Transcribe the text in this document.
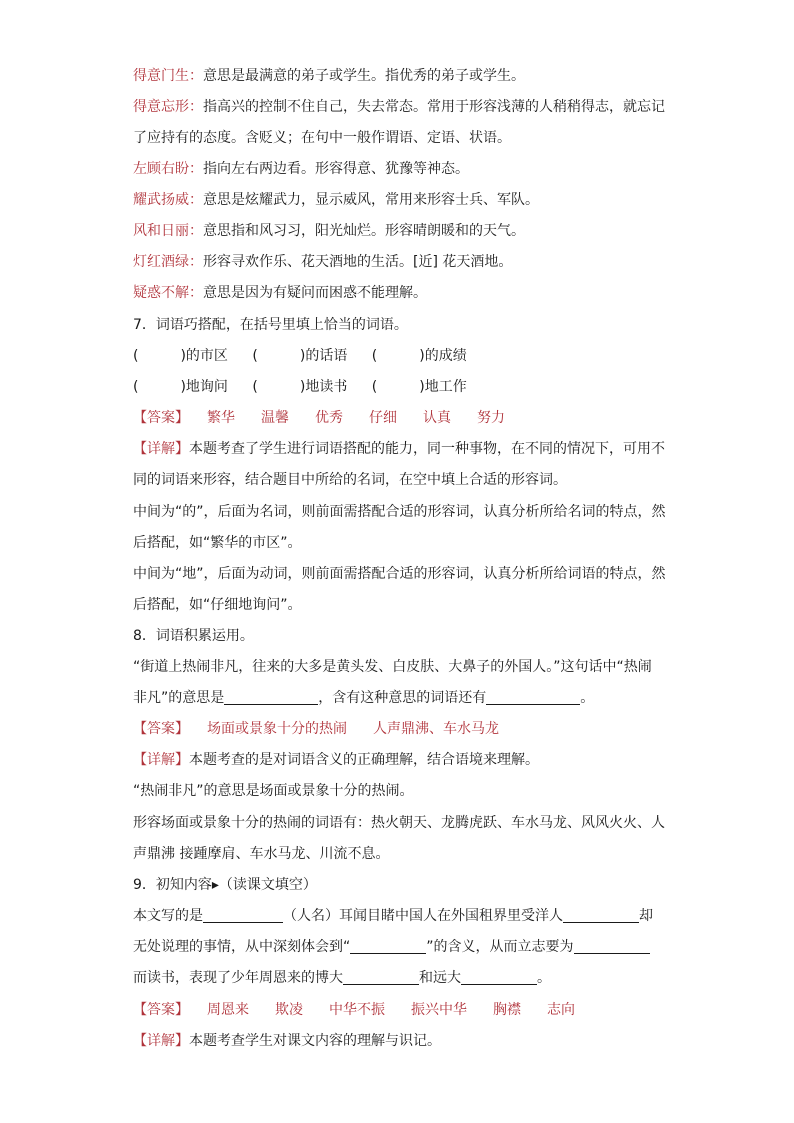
得意门生：意思是最满意的弟子或学生。指优秀的弟子或学生。
得意忘形：指高兴的控制不住自己，失去常态。常用于形容浅薄的人稍稍得志，就忘记
了应持有的态度。含贬义；在句中一般作谓语、定语、状语。
左顾右盼：指向左右两边看。形容得意、犹豫等神态。
耀武扬威：意思是炫耀武力，显示威风，常用来形容士兵、军队。
风和日丽：意思指和风习习，阳光灿烂。形容晴朗暖和的天气。
灯红酒绿：形容寻欢作乐、花天酒地的生活。[近] 花天酒地。
疑惑不解：意思是因为有疑问而困惑不能理解。
7．词语巧搭配，在括号里填上恰当的词语。
(	)的市区 (	)的话语 (	)的成绩
(	)地询问 (	)地读书 (	)地工作
【答案】 繁华 温馨 优秀 仔细 认真 努力
【详解】本题考查了学生进行词语搭配的能力，同一种事物，在不同的情况下，可用不
同的词语来形容，结合题目中所给的名词，在空中填上合适的形容词。
中间为“的”，后面为名词，则前面需搭配合适的形容词，认真分析所给名词的特点，然
后搭配，如“繁华的市区”。
中间为“地”，后面为动词，则前面需搭配合适的形容词，认真分析所给词语的特点，然
后搭配，如“仔细地询问”。
8．词语积累运用。
“街道上热闹非凡，往来的大多是黄头发、白皮肤、大鼻子的外国人。”这句话中“热闹
非凡”的意思是	，含有这种意思的词语还有	。
【答案】 场面或景象十分的热闹 人声鼎沸、车水马龙
【详解】本题考查的是对词语含义的正确理解，结合语境来理解。
“热闹非凡”的意思是场面或景象十分的热闹。
形容场面或景象十分的热闹的词语有：热火朝天、龙腾虎跃、车水马龙、风风火火、人
声鼎沸 接踵摩肩、车水马龙、川流不息。
9．初知内容▸（读课文填空）
本文写的是	（人名）耳闻目睹中国人在外国租界里受洋人	却
无处说理的事情，从中深刻体会到“	”的含义，从而立志要为
而读书，表现了少年周恩来的博大	和远大	。
【答案】 周恩来 欺凌 中华不振 振兴中华 胸襟 志向
【详解】本题考查学生对课文内容的理解与识记。
